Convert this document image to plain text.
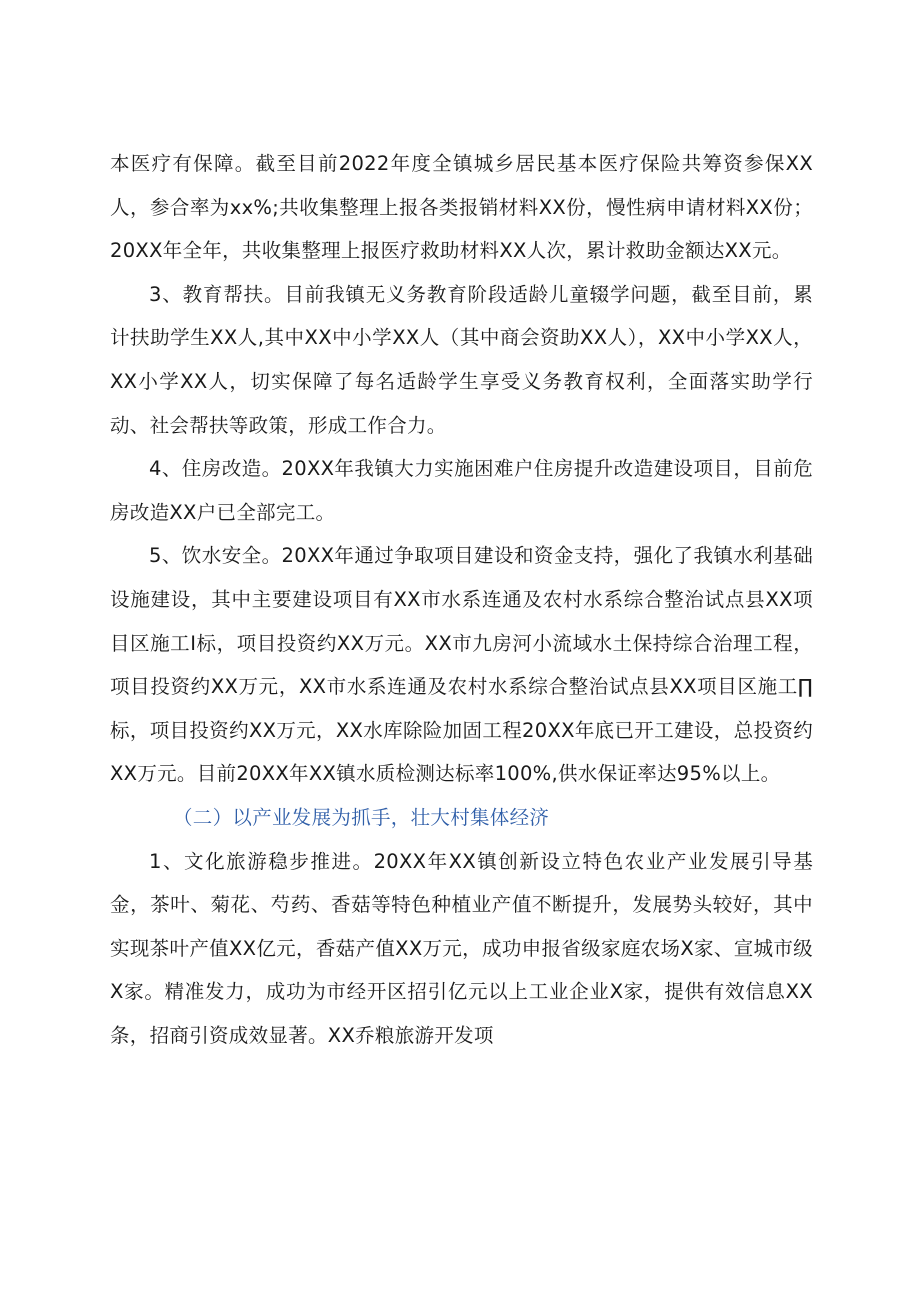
本医疗有保障。截至目前2022年度全镇城乡居民基本医疗保险共筹资参保XX人，参合率为xx%;共收集整理上报各类报销材料XX份，慢性病申请材料XX份；20XX年全年，共收集整理上报医疗救助材料XX人次，累计救助金额达XX元。

3、教育帮扶。目前我镇无义务教育阶段适龄儿童辍学问题，截至目前，累计扶助学生XX人,其中XX中小学XX人（其中商会资助XX人），XX中小学XX人，XX小学XX人，切实保障了每名适龄学生享受义务教育权利，全面落实助学行动、社会帮扶等政策，形成工作合力。

4、住房改造。20XX年我镇大力实施困难户住房提升改造建设项目，目前危房改造XX户已全部完工。

5、饮水安全。20XX年通过争取项目建设和资金支持，强化了我镇水利基础设施建设，其中主要建设项目有XX市水系连通及农村水系综合整治试点县XX项目区施工I标，项目投资约XX万元。XX市九房河小流域水土保持综合治理工程，项目投资约XX万元，XX市水系连通及农村水系综合整治试点县XX项目区施工∏标，项目投资约XX万元，XX水库除险加固工程20XX年底已开工建设，总投资约XX万元。目前20XX年XX镇水质检测达标率100%,供水保证率达95%以上。

（二）以产业发展为抓手，壮大村集体经济

1、文化旅游稳步推进。20XX年XX镇创新设立特色农业产业发展引导基金，茶叶、菊花、芍药、香菇等特色种植业产值不断提升，发展势头较好，其中实现茶叶产值XX亿元，香菇产值XX万元，成功申报省级家庭农场X家、宣城市级X家。精准发力，成功为市经开区招引亿元以上工业企业X家，提供有效信息XX条，招商引资成效显著。XX乔粮旅游开发项
